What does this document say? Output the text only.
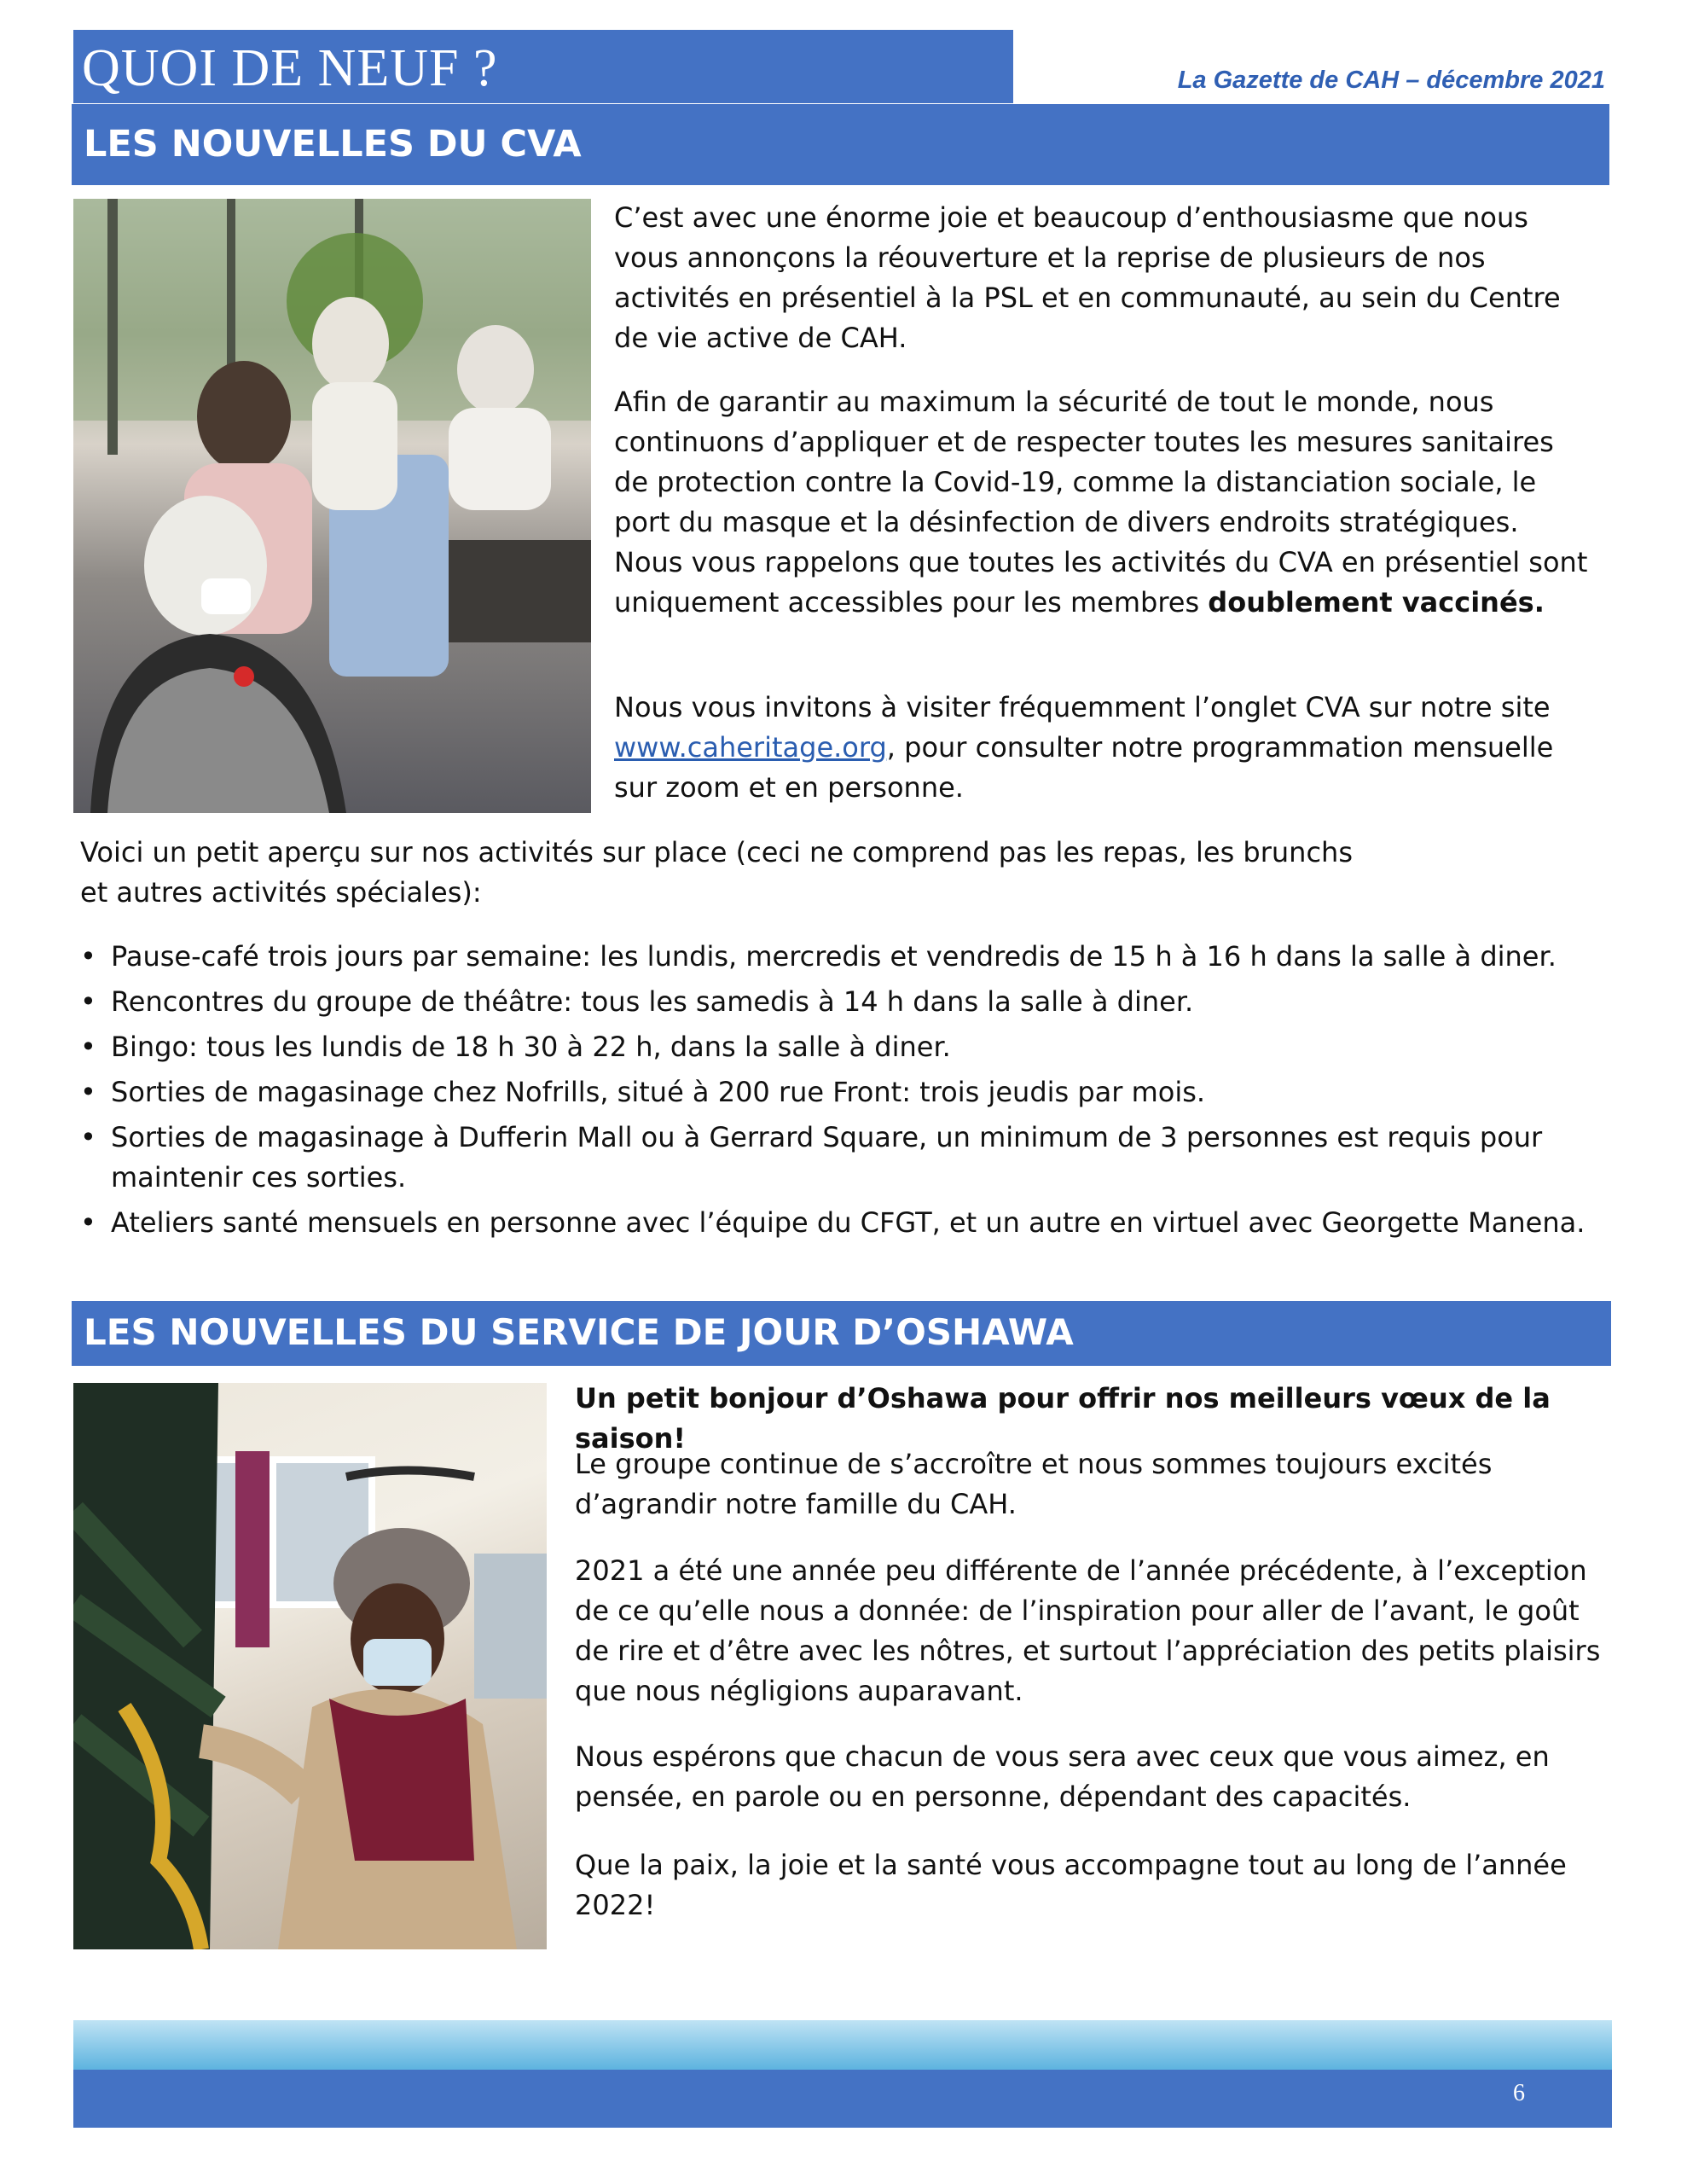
QUOI DE NEUF ?	La Gazette de CAH – décembre 2021
LES NOUVELLES DU CVA

C’est avec une énorme joie et beaucoup d’enthousiasme que nous vous annonçons la réouverture et la reprise de plusieurs de nos activités en présentiel à la PSL et en communauté, au sein du Centre de vie active de CAH.

Afin de garantir au maximum la sécurité de tout le monde, nous continuons d’appliquer et de respecter toutes les mesures sanitaires de protection contre la Covid-19, comme la distanciation sociale, le port du masque et la désinfection de divers endroits stratégiques. Nous vous rappelons que toutes les activités du CVA en présentiel sont uniquement accessibles pour les membres doublement vaccinés.

Nous vous invitons à visiter fréquemment l’onglet CVA sur notre site www.caheritage.org, pour consulter notre programmation mensuelle sur zoom et en personne.

Voici un petit aperçu sur nos activités sur place (ceci ne comprend pas les repas, les brunchs et autres activités spéciales):

• Pause-café trois jours par semaine: les lundis, mercredis et vendredis de 15 h à 16 h dans la salle à diner.
• Rencontres du groupe de théâtre: tous les samedis à 14 h dans la salle à diner.
• Bingo: tous les lundis de 18 h 30 à 22 h, dans la salle à diner.
• Sorties de magasinage chez Nofrills, situé à 200 rue Front: trois jeudis par mois.
• Sorties de magasinage à Dufferin Mall ou à Gerrard Square, un minimum de 3 personnes est requis pour maintenir ces sorties.
• Ateliers santé mensuels en personne avec l’équipe du CFGT, et un autre en virtuel avec Georgette Manena.
LES NOUVELLES DU SERVICE DE JOUR D’OSHAWA

Un petit bonjour d’Oshawa pour offrir nos meilleurs vœux de la saison!

Le groupe continue de s’accroître et nous sommes toujours excités d’agrandir notre famille du CAH.

2021 a été une année peu différente de l’année précédente, à l’exception de ce qu’elle nous a donnée: de l’inspiration pour aller de l’avant, le goût de rire et d’être avec les nôtres, et surtout l’appréciation des petits plaisirs que nous négligions auparavant.

Nous espérons que chacun de vous sera avec ceux que vous aimez, en pensée, en parole ou en personne, dépendant des capacités.

Que la paix, la joie et la santé vous accompagne tout au long de l’année 2022!

6
